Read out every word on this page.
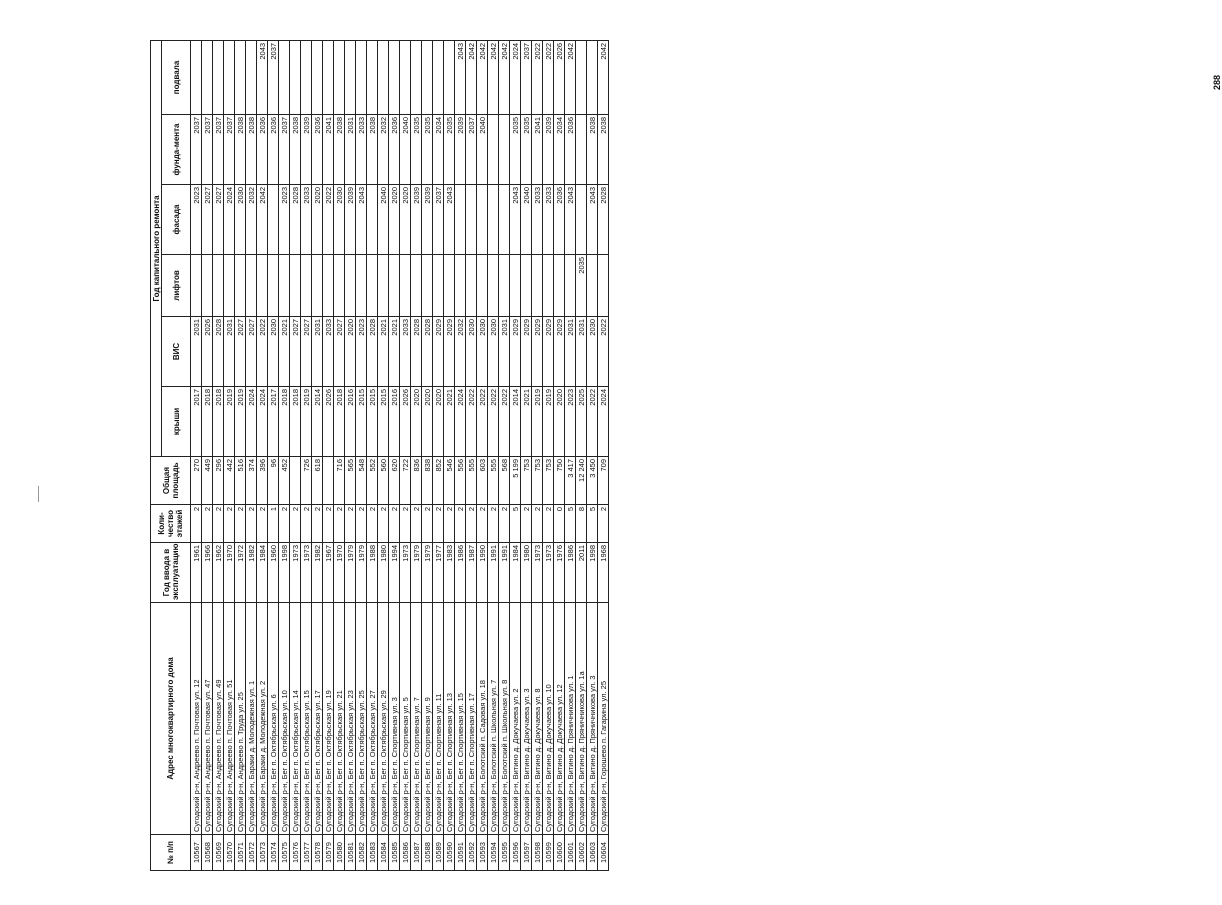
288
№ п/п	Адрес многоквартирного дома	Год ввода в эксплуатацию	Коли-чество этажей	Общая площадь	Год капитального ремонта					
					крыши	ВИС	лифтов	фасада	фунда-мента	подвала
10567	Сугодский р-н, Андреево п. Почтовая ул. 12	1961	2	270	2017	2031		2023	2037	
10568	Сугодский р-н, Андреево п. Почтовая ул. 47	1966	2	449	2018	2026		2027	2037	
10569	Сугодский р-н, Андреево п. Почтовая ул. 49	1962	2	296	2018	2028		2027	2037	
10570	Сугодский р-н, Андреево п. Почтовая ул. 51	1970	2	442	2019	2031		2024	2037	
10571	Сугодский р-н, Андреево п. Труда ул. 25	1972	2	516	2019	2027		2030	2038	
10572	Сугодский р-н, Бараки д. Молодежная ул. 1	1982	2	374	2024	2027		2032	2038	
10573	Сугодский р-н, Бараки д. Молодежная ул. 2	1984	2	396	2024	2022		2042	2036	2043
10574	Сугодский р-н, Бег п. Октябрьская ул. 6	1960	1	96	2017	2030			2036	2037
10575	Сугодский р-н, Бег п. Октябрьская ул. 10	1998	2	452	2018	2021		2023	2037	
10576	Сугодский р-н, Бег п. Октябрьская ул. 14	1973	2		2018	2027		2028	2038	
10577	Сугодский р-н, Бег п. Октябрьская ул. 15	1973	2	726	2019	2027		2033	2039	
10578	Сугодский р-н, Бег п. Октябрьская ул. 17	1982	2	618	2014	2031		2020	2036	
10579	Сугодский р-н, Бег п. Октябрьская ул. 19	1967	2		2026	2033		2022	2041	
10580	Сугодский р-н, Бег п. Октябрьская ул. 21	1970	2	716	2018	2027		2030	2038	
10581	Сугодский р-н, Бег п. Октябрьская ул. 23	1979	2	565	2016	2020		2039	2031	
10582	Сугодский р-н, Бег п. Октябрьская ул. 25	1979	2	548	2015	2023		2043	2033	
10583	Сугодский р-н, Бег п. Октябрьская ул. 27	1988	2	552	2015	2028			2038	
10584	Сугодский р-н, Бег п. Октябрьская ул. 29	1980	2	560	2015	2021		2040	2032	
10585	Сугодский р-н, Бег п. Спортивная ул. 3	1994	2	620	2016	2021		2020	2036	
10586	Сугодский р-н, Бег п. Спортивная ул. 5	1973	2	722	2026	2033		2020	2040	
10587	Сугодский р-н, Бег п. Спортивная ул. 7	1979	2	836	2020	2028		2039	2035	
10588	Сугодский р-н, Бег п. Спортивная ул. 9	1979	2	838	2020	2028		2039	2035	
10589	Сугодский р-н, Бег п. Спортивная ул. 11	1977	2	852	2020	2029		2037	2034	
10590	Сугодский р-н, Бег п. Спортивная ул. 13	1983	2	546	2021	2029		2043	2035	
10591	Сугодский р-н, Бег п. Спортивная ул. 15	1986	2	556	2024	2032			2039	2043
10592	Сугодский р-н, Бег п. Спортивная ул. 17	1987	2	555	2022	2030			2037	2042
10593	Сугодский р-н, Болотский п. Садовая ул. 18	1990	2	603	2022	2030			2040	2042
10594	Сугодский р-н, Болотский п. Школьная ул. 7	1991	2	555	2022	2030				2042
10595	Сугодский р-н, Болотский п. Школьная ул. 8	1991	2	568	2022	2031				2042
10596	Сугодский р-н, Витино д. Докучаева ул. 2	1984	5	5 199	2014	2029		2043	2035	2024
10597	Сугодский р-н, Витино д. Докучаева ул. 3	1980	2	753	2021	2029		2040	2035	2037
10598	Сугодский р-н, Витино д. Докучаева ул. 8	1973	2	753	2019	2029		2033	2041	2022
10599	Сугодский р-н, Витино д. Докучаева ул. 10	1973	2	753	2019	2029		2033	2039	2022
10600	Сугодский р-н, Витино д. Докучаева ул. 12	1976	0	750	2020	2029		2036	2034	2026
10601	Сугодский р-н, Витино д. Пряничникова ул. 1	1986	5	3 417	2023	2031		2043	2036	2042
10602	Сугодский р-н, Витино д. Пряничникова ул. 1а	2011	8	12 240	2025	2031	2035			
10603	Сугодский р-н, Витино д. Пряничникова ул. 3	1998	5	3 450	2022	2030		2043	2038	
10604	Сугодский р-н, Горошево п. Гагарина ул. 25	1968	2	709	2024	2022		2028	2038	2042
